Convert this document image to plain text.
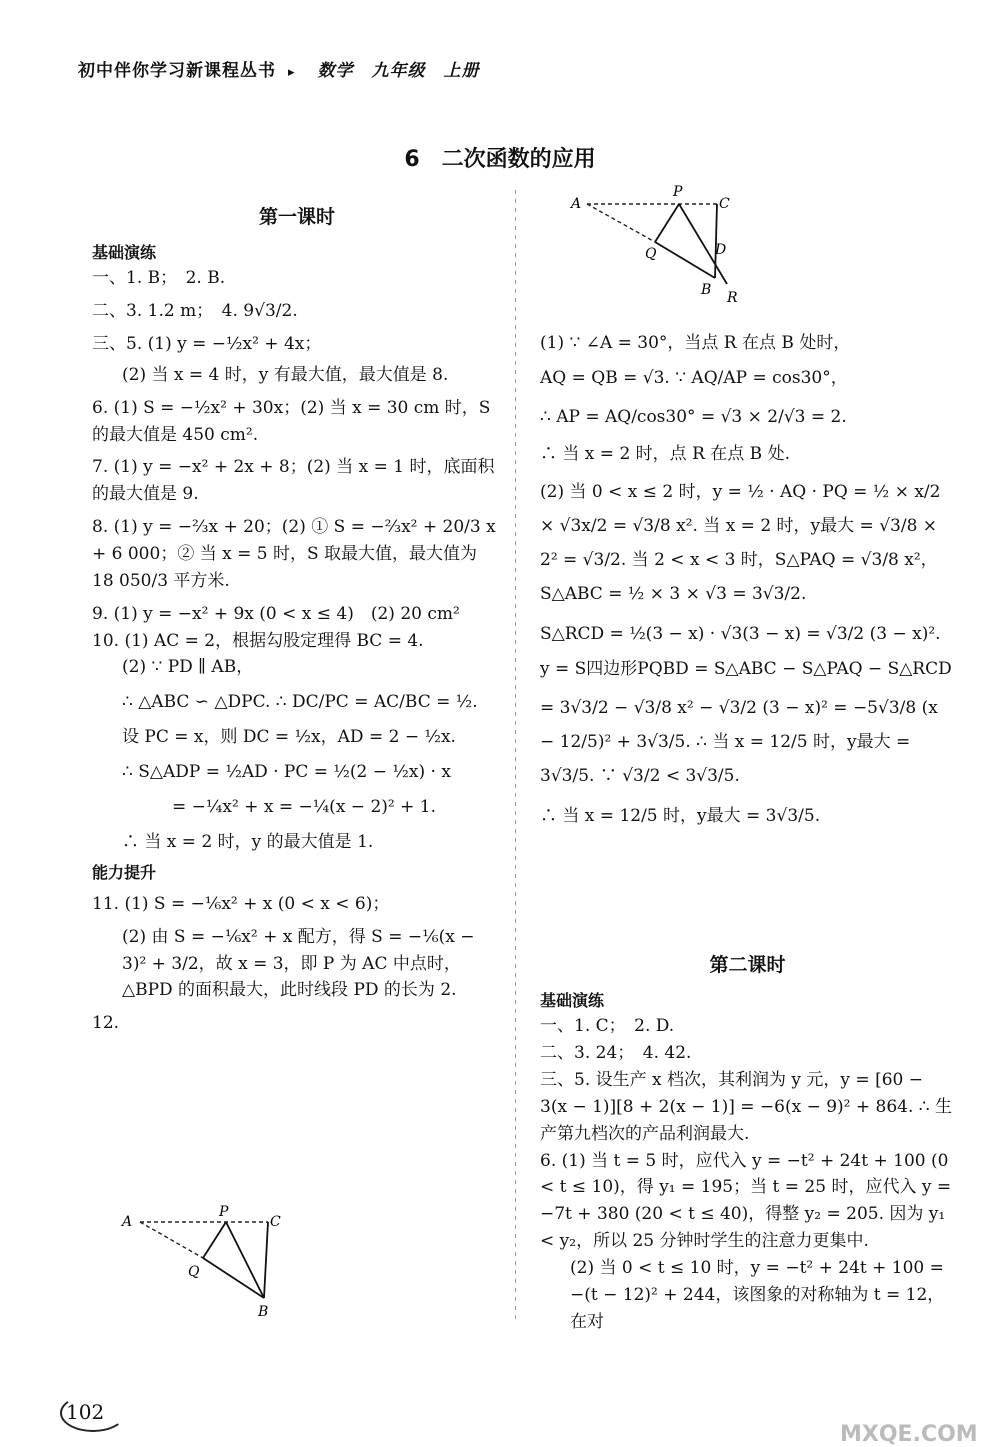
初中伴你学习新课程丛书 ▸ 数学　九年级　上册
6　二次函数的应用

第一课时

基础演练

一、1. B；　2. B.

二、3. 1.2 m；　4. 9√3/2.

三、5. (1) y = −½x² + 4x；

(2) 当 x = 4 时，y 有最大值，最大值是 8.

6. (1) S = −½x² + 30x；(2) 当 x = 30 cm 时，S 的最大值是 450 cm².

7. (1) y = −x² + 2x + 8；(2) 当 x = 1 时，底面积的最大值是 9.

8. (1) y = −⅔x + 20；(2) ① S = −⅔x² + 20/3 x + 6 000；② 当 x = 5 时，S 取最大值，最大值为 18 050/3 平方米.

9. (1) y = −x² + 9x (0 < x ≤ 4)　(2) 20 cm²

10. (1) AC = 2，根据勾股定理得 BC = 4.

(2) ∵ PD ∥ AB，

∴ △ABC ∽ △DPC. ∴ DC/PC = AC/BC = ½.

设 PC = x，则 DC = ½x，AD = 2 − ½x.

∴ S△ADP = ½AD · PC = ½(2 − ½x) · x

= −¼x² + x = −¼(x − 2)² + 1.

∴ 当 x = 2 时，y 的最大值是 1.

能力提升

11. (1) S = −⅙x² + x (0 < x < 6)；

(2) 由 S = −⅙x² + x 配方，得 S = −⅙(x − 3)² + 3/2，故 x = 3，即 P 为 AC 中点时，△BPD 的面积最大，此时线段 PD 的长为 2.

12.

A
P
C
Q
B
A
P
C
Q	D
B R

(1) ∵ ∠A = 30°，当点 R 在点 B 处时，

AQ = QB = √3. ∵ AQ/AP = cos30°，

∴ AP = AQ/cos30° = √3 × 2/√3 = 2.

∴ 当 x = 2 时，点 R 在点 B 处.

(2) 当 0 < x ≤ 2 时，y = ½ · AQ · PQ = ½ × x/2 × √3x/2 = √3/8 x². 当 x = 2 时，y最大 = √3/8 × 2² = √3/2. 当 2 < x < 3 时，S△PAQ = √3/8 x²，S△ABC = ½ × 3 × √3 = 3√3/2.

S△RCD = ½(3 − x) · √3(3 − x) = √3/2 (3 − x)².

y = S四边形PQBD = S△ABC − S△PAQ − S△RCD

= 3√3/2 − √3/8 x² − √3/2 (3 − x)² = −5√3/8 (x − 12/5)² + 3√3/5. ∴ 当 x = 12/5 时，y最大 = 3√3/5. ∵ √3/2 < 3√3/5.

∴ 当 x = 12/5 时，y最大 = 3√3/5.

第二课时

基础演练

一、1. C；　2. D.

二、3. 24；　4. 42.

三、5. 设生产 x 档次，其利润为 y 元，y = [60 − 3(x − 1)][8 + 2(x − 1)] = −6(x − 9)² + 864. ∴ 生产第九档次的产品利润最大.

6. (1) 当 t = 5 时，应代入 y = −t² + 24t + 100 (0 < t ≤ 10)，得 y₁ = 195；当 t = 25 时，应代入 y = −7t + 380 (20 < t ≤ 40)，得整 y₂ = 205. 因为 y₁ < y₂，所以 25 分钟时学生的注意力更集中.

(2) 当 0 < t ≤ 10 时，y = −t² + 24t + 100 = −(t − 12)² + 244，该图象的对称轴为 t = 12，在对

102
MXQE.COM
